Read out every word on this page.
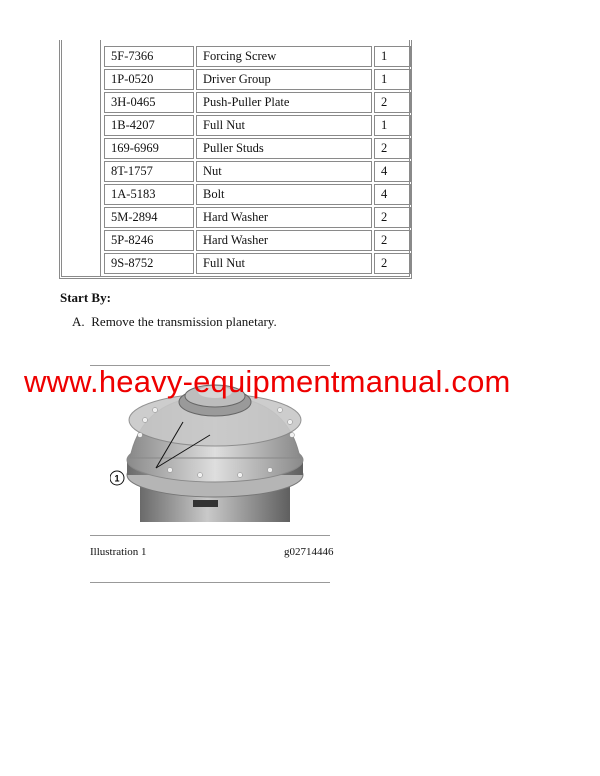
5F-7366	Forcing Screw	1
1P-0520	Driver Group	1
3H-0465	Push-Puller Plate	2
1B-4207	Full Nut	1
169-6969	Puller Studs	2
8T-1757	Nut	4
1A-5183	Bolt	4
5M-2894	Hard Washer	2
5P-8246	Hard Washer	2
9S-8752	Full Nut	2
Start By:
A. Remove the transmission planetary.
www.heavy-equipmentmanual.com
1
Illustration 1	g02714446
